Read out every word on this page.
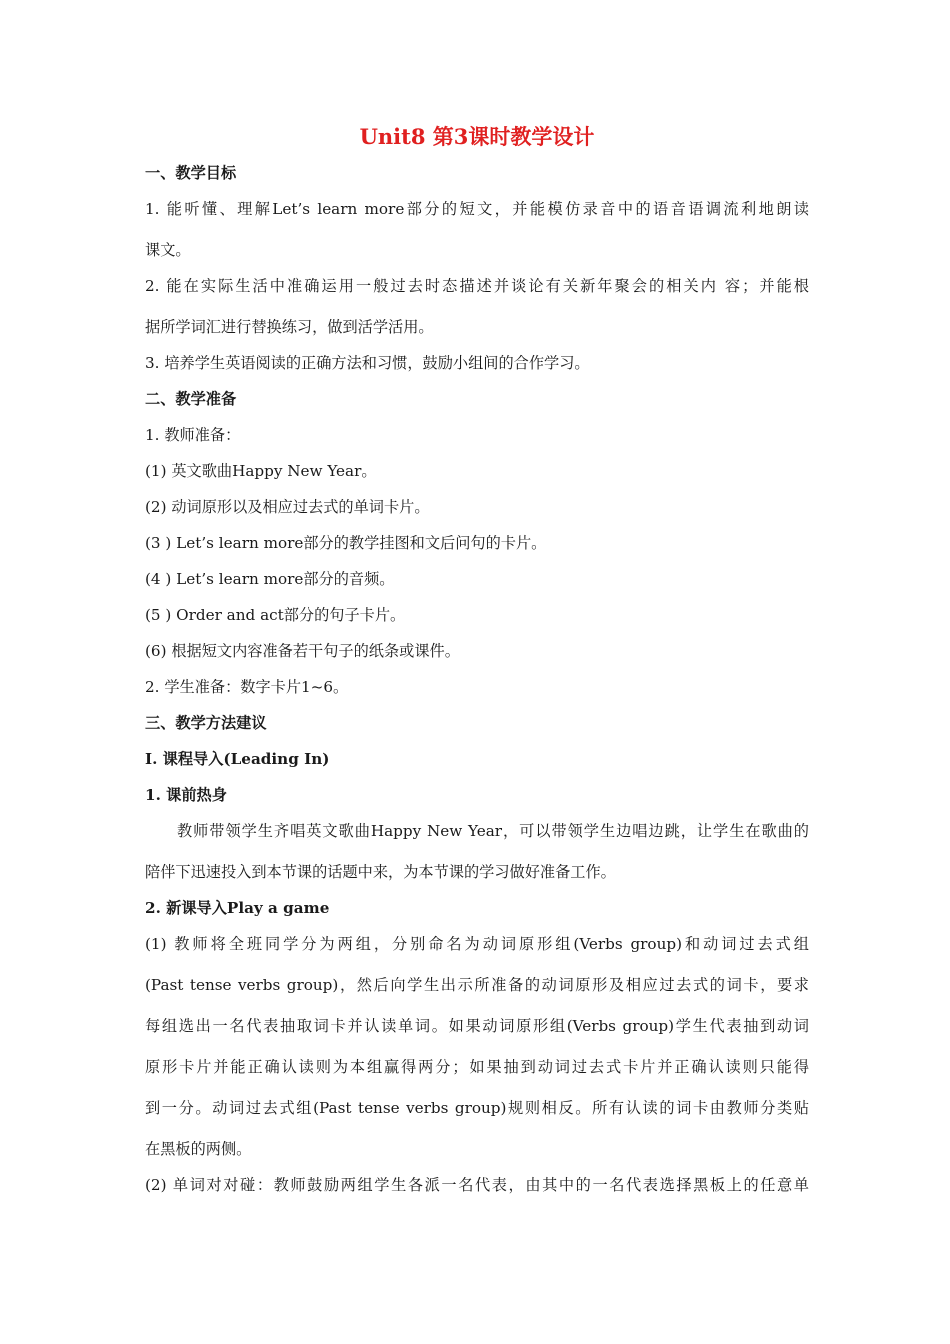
Unit8 第3课时教学设计
一、教学目标
1. 能听懂、理解Let’s learn more部分的短文，并能模仿录音中的语音语调流利地朗读
课文。
2. 能在实际生活中准确运用一般过去时态描述并谈论有关新年聚会的相关内 容；并能根
据所学词汇进行替换练习，做到活学活用。
3. 培养学生英语阅读的正确方法和习惯，鼓励小组间的合作学习。
二、教学准备
1. 教师准备：
(1) 英文歌曲Happy New Year。
(2) 动词原形以及相应过去式的单词卡片。
(3 ) Let’s learn more部分的教学挂图和文后问句的卡片。
(4 ) Let’s learn more部分的音频。
(5 ) Order and act部分的句子卡片。
(6) 根据短文内容准备若干句子的纸条或课件。
2. 学生准备：数字卡片1~6。
三、教学方法建议
I. 课程导入(Leading In)
1. 课前热身
教师带领学生齐唱英文歌曲Happy New Year，可以带领学生边唱边跳，让学生在歌曲的
陪伴下迅速投入到本节课的话题中来，为本节课的学习做好准备工作。
2. 新课导入Play a game
(1) 教师将全班同学分为两组，分别命名为动词原形组(Verbs group)和动词过去式组
(Past tense verbs group)，然后向学生出示所准备的动词原形及相应过去式的词卡，要求
每组选出一名代表抽取词卡并认读单词。如果动词原形组(Verbs group)学生代表抽到动词
原形卡片并能正确认读则为本组赢得两分；如果抽到动词过去式卡片并正确认读则只能得
到一分。动词过去式组(Past tense verbs group)规则相反。所有认读的词卡由教师分类贴
在黑板的两侧。
(2) 单词对对碰：教师鼓励两组学生各派一名代表，由其中的一名代表选择黑板上的任意单
